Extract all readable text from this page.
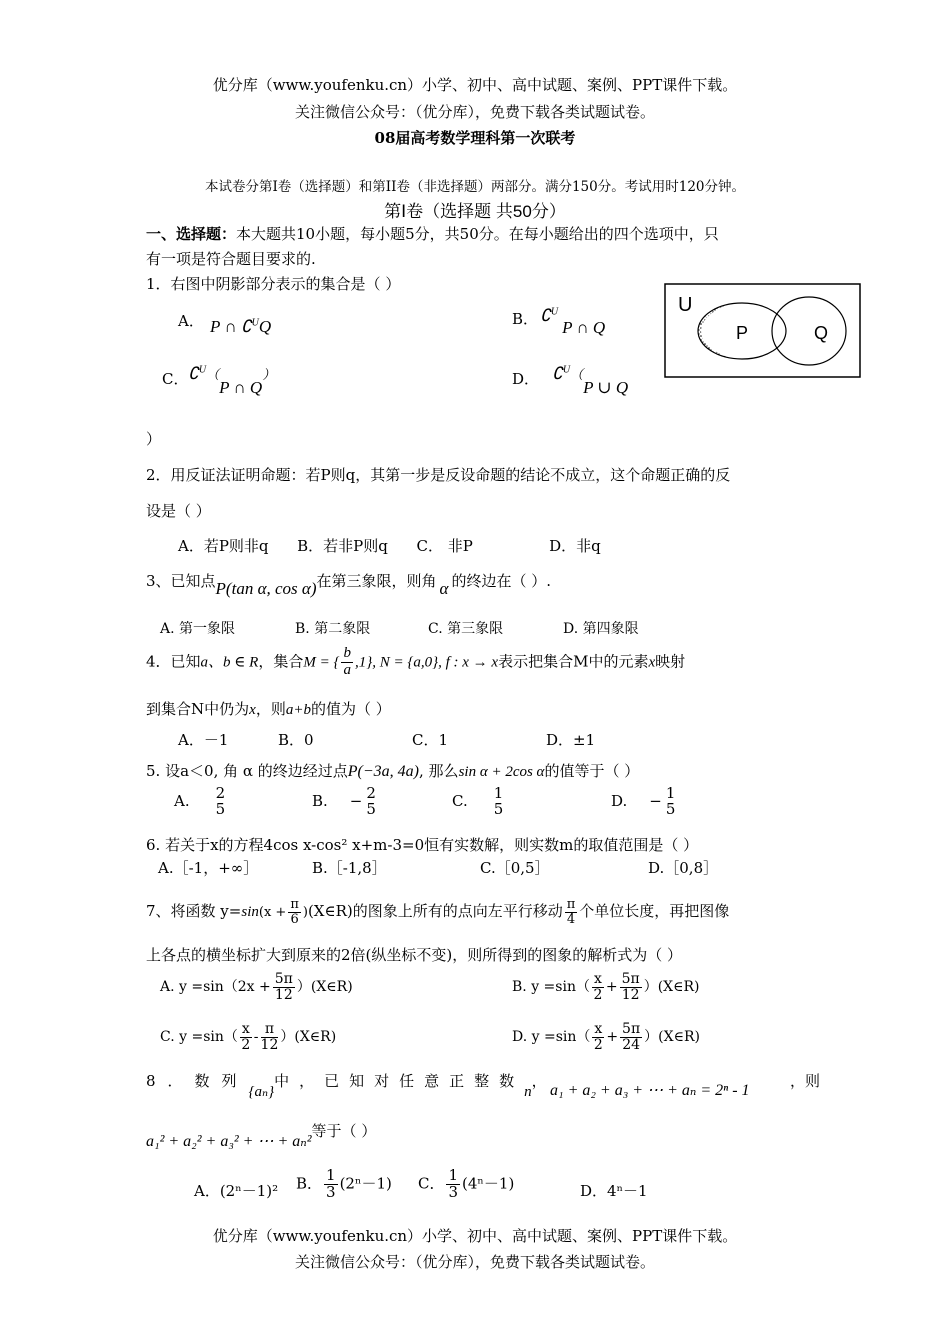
优分库（www.youfenku.cn）小学、初中、高中试题、案例、PPT课件下载。
关注微信公众号：（优分库），免费下载各类试题试卷。
08届高考数学理科第一次联考
本试卷分第Ⅰ卷（选择题）和第II卷（非选择题）两部分。满分150分。考试用时120分钟。
第Ⅰ卷（选择题 共50分）
一、选择题：本大题共10小题，每小题5分，共50分。在每小题给出的四个选项中，只
有一项是符合题目要求的.
1．右图中阴影部分表示的集合是（ ）
A． P ∩ ∁$^U$Q	B． ∁$^U$P ∩ Q
C． ∁$^U$（P ∩ Q）	D． ∁$^U$（P ∪ Q
）
U
P	Q
2．用反证法证明命题：若P则q，其第一步是反设命题的结论不成立，这个命题正确的反
设是（ ）
A．若P则非q      B．若非P则q      C． 非P                D．非q
3、已知点P(tan α, cos α)在第三象限，则角 α 的终边在（ ）.
A. 第一象限	B. 第二象限	C. 第三象限	D. 第四象限
4．已知a、b ∈ R，集合M = { $\frac{b}{a} ,1$}, N = {a,0}, f : x → x表示把集合M中的元素x映射
到集合N中仍为x，则a+b的值为（ ）
A．－1	B．0	C．1	D．±1
5. 设a＜0, 角 α 的终边经过点P(−3a, 4a), 那么sin α + 2cos α的值等于（ ）
A. 2
5	B. − 2
5	C. 1
5	D. − 1
5
6. 若关于x的方程4cos x-cos² x+m-3=0恒有实数解，则实数m的取值范围是（ ）
A.［-1，+∞］	B.［-1,8］	C.［0,5］	D.［0,8］
7、将函数 $y=\sin(x + \frac{\pi}{6}$ )(X∈R)的图象上所有的点向左平行移动 $\frac{\pi}{4}$ 个单位长度，再把图像
上各点的横坐标扩大到原来的2倍(纵坐标不变)，则所得到的图象的解析式为（ ）
A. $y =\sin(2x + \frac{5\pi}{12}$ ）(X∈R)	B. $y =\sin( \frac{x}{2} + \frac{5\pi}{12}$ ）(X∈R)
C. $y =\sin( \frac{x}{2} - \frac{\pi}{12}$ ）(X∈R)	D. $y =\sin( \frac{x}{2} + \frac{5\pi}{24}$ ）(X∈R)
8．数列{aₙ}中，已知对任意正整数n，
a₁ + a₂ + a₃ + ⋯ + aₙ = 2ⁿ - 1
，则
a₁² + a₂² + a₃² + ⋯ + aₙ²等于（ ）
A．(2ⁿ－1)² B． $\frac{1}{3} (2^n-1)$ C． $\frac{1}{3} (4^n-1)$	D．4ⁿ－1
优分库（www.youfenku.cn）小学、初中、高中试题、案例、PPT课件下载。
关注微信公众号：（优分库），免费下载各类试题试卷。
